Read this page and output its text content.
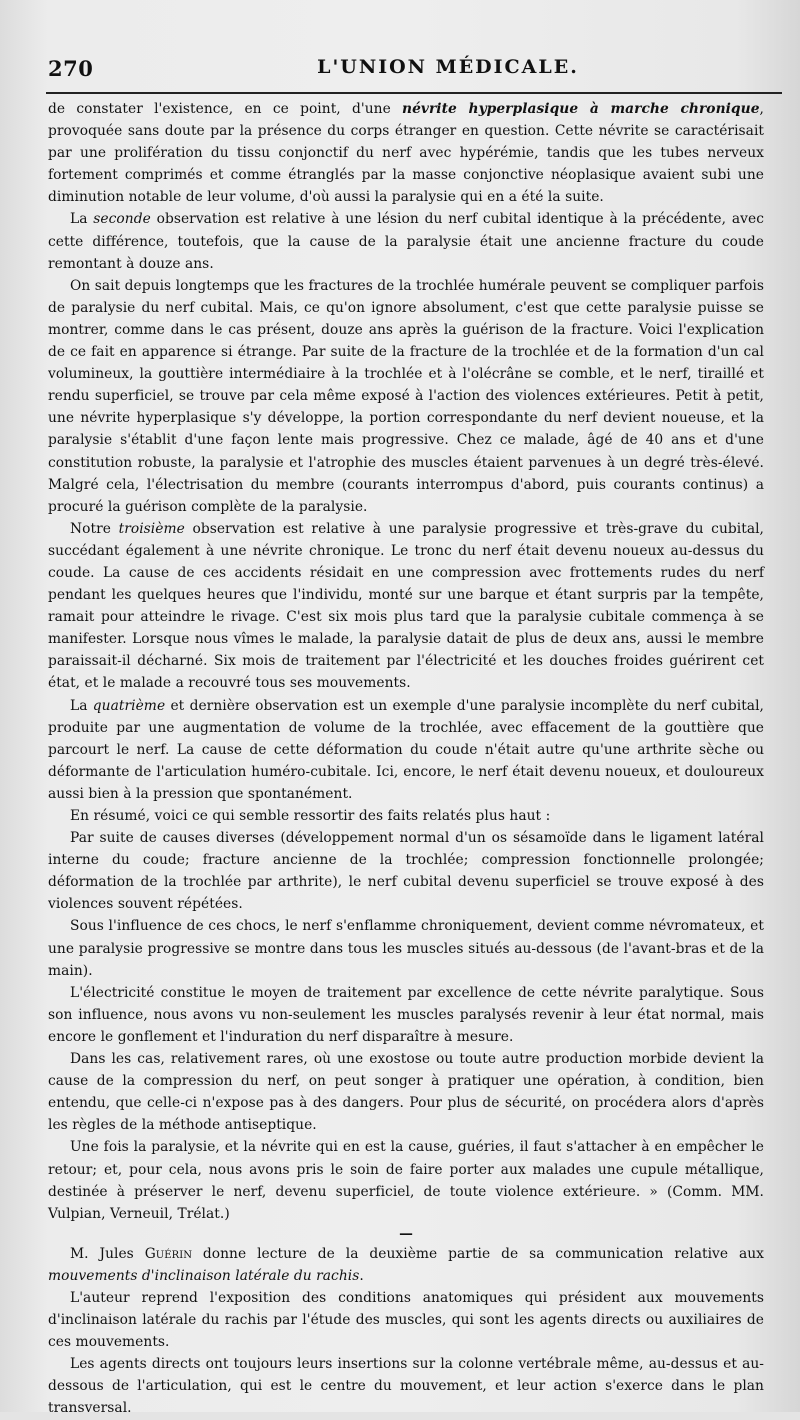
270	L'UNION MÉDICALE.

de constater l'existence, en ce point, d'une névrite hyperplasique à marche chronique, provoquée sans doute par la présence du corps étranger en question. Cette névrite se caractérisait par une prolifération du tissu conjonctif du nerf avec hypérémie, tandis que les tubes nerveux fortement comprimés et comme étranglés par la masse conjonctive néoplasique avaient subi une diminution notable de leur volume, d'où aussi la paralysie qui en a été la suite.

La seconde observation est relative à une lésion du nerf cubital identique à la précédente, avec cette différence, toutefois, que la cause de la paralysie était une ancienne fracture du coude remontant à douze ans.

On sait depuis longtemps que les fractures de la trochlée humérale peuvent se compliquer parfois de paralysie du nerf cubital. Mais, ce qu'on ignore absolument, c'est que cette paralysie puisse se montrer, comme dans le cas présent, douze ans après la guérison de la fracture. Voici l'explication de ce fait en apparence si étrange. Par suite de la fracture de la trochlée et de la formation d'un cal volumineux, la gouttière intermédiaire à la trochlée et à l'olécrâne se comble, et le nerf, tiraillé et rendu superficiel, se trouve par cela même exposé à l'action des violences extérieures. Petit à petit, une névrite hyperplasique s'y développe, la portion correspondante du nerf devient noueuse, et la paralysie s'établit d'une façon lente mais progressive. Chez ce malade, âgé de 40 ans et d'une constitution robuste, la paralysie et l'atrophie des muscles étaient parvenues à un degré très-élevé. Malgré cela, l'électrisation du membre (courants interrompus d'abord, puis courants continus) a procuré la guérison complète de la paralysie.

Notre troisième observation est relative à une paralysie progressive et très-grave du cubital, succédant également à une névrite chronique. Le tronc du nerf était devenu noueux au-dessus du coude. La cause de ces accidents résidait en une compression avec frottements rudes du nerf pendant les quelques heures que l'individu, monté sur une barque et étant surpris par la tempête, ramait pour atteindre le rivage. C'est six mois plus tard que la paralysie cubitale commença à se manifester. Lorsque nous vîmes le malade, la paralysie datait de plus de deux ans, aussi le membre paraissait-il décharné. Six mois de traitement par l'électricité et les douches froides guérirent cet état, et le malade a recouvré tous ses mouvements.

La quatrième et dernière observation est un exemple d'une paralysie incomplète du nerf cubital, produite par une augmentation de volume de la trochlée, avec effacement de la gouttière que parcourt le nerf. La cause de cette déformation du coude n'était autre qu'une arthrite sèche ou déformante de l'articulation huméro-cubitale. Ici, encore, le nerf était devenu noueux, et douloureux aussi bien à la pression que spontanément.

En résumé, voici ce qui semble ressortir des faits relatés plus haut :

Par suite de causes diverses (développement normal d'un os sésamoïde dans le ligament latéral interne du coude; fracture ancienne de la trochlée; compression fonctionnelle prolongée; déformation de la trochlée par arthrite), le nerf cubital devenu superficiel se trouve exposé à des violences souvent répétées.

Sous l'influence de ces chocs, le nerf s'enflamme chroniquement, devient comme névromateux, et une paralysie progressive se montre dans tous les muscles situés au-dessous (de l'avant-bras et de la main).

L'électricité constitue le moyen de traitement par excellence de cette névrite paralytique. Sous son influence, nous avons vu non-seulement les muscles paralysés revenir à leur état normal, mais encore le gonflement et l'induration du nerf disparaître à mesure.

Dans les cas, relativement rares, où une exostose ou toute autre production morbide devient la cause de la compression du nerf, on peut songer à pratiquer une opération, à condition, bien entendu, que celle-ci n'expose pas à des dangers. Pour plus de sécurité, on procédera alors d'après les règles de la méthode antiseptique.

Une fois la paralysie, et la névrite qui en est la cause, guéries, il faut s'attacher à en empêcher le retour; et, pour cela, nous avons pris le soin de faire porter aux malades une cupule métallique, destinée à préserver le nerf, devenu superficiel, de toute violence extérieure. » (Comm. MM. Vulpian, Verneuil, Trélat.)

—

M. Jules Guérin donne lecture de la deuxième partie de sa communication relative aux mouvements d'inclinaison latérale du rachis.

L'auteur reprend l'exposition des conditions anatomiques qui président aux mouvements d'inclinaison latérale du rachis par l'étude des muscles, qui sont les agents directs ou auxiliaires de ces mouvements.

Les agents directs ont toujours leurs insertions sur la colonne vertébrale même, au-dessus et au-dessous de l'articulation, qui est le centre du mouvement, et leur action s'exerce dans le plan transversal.
